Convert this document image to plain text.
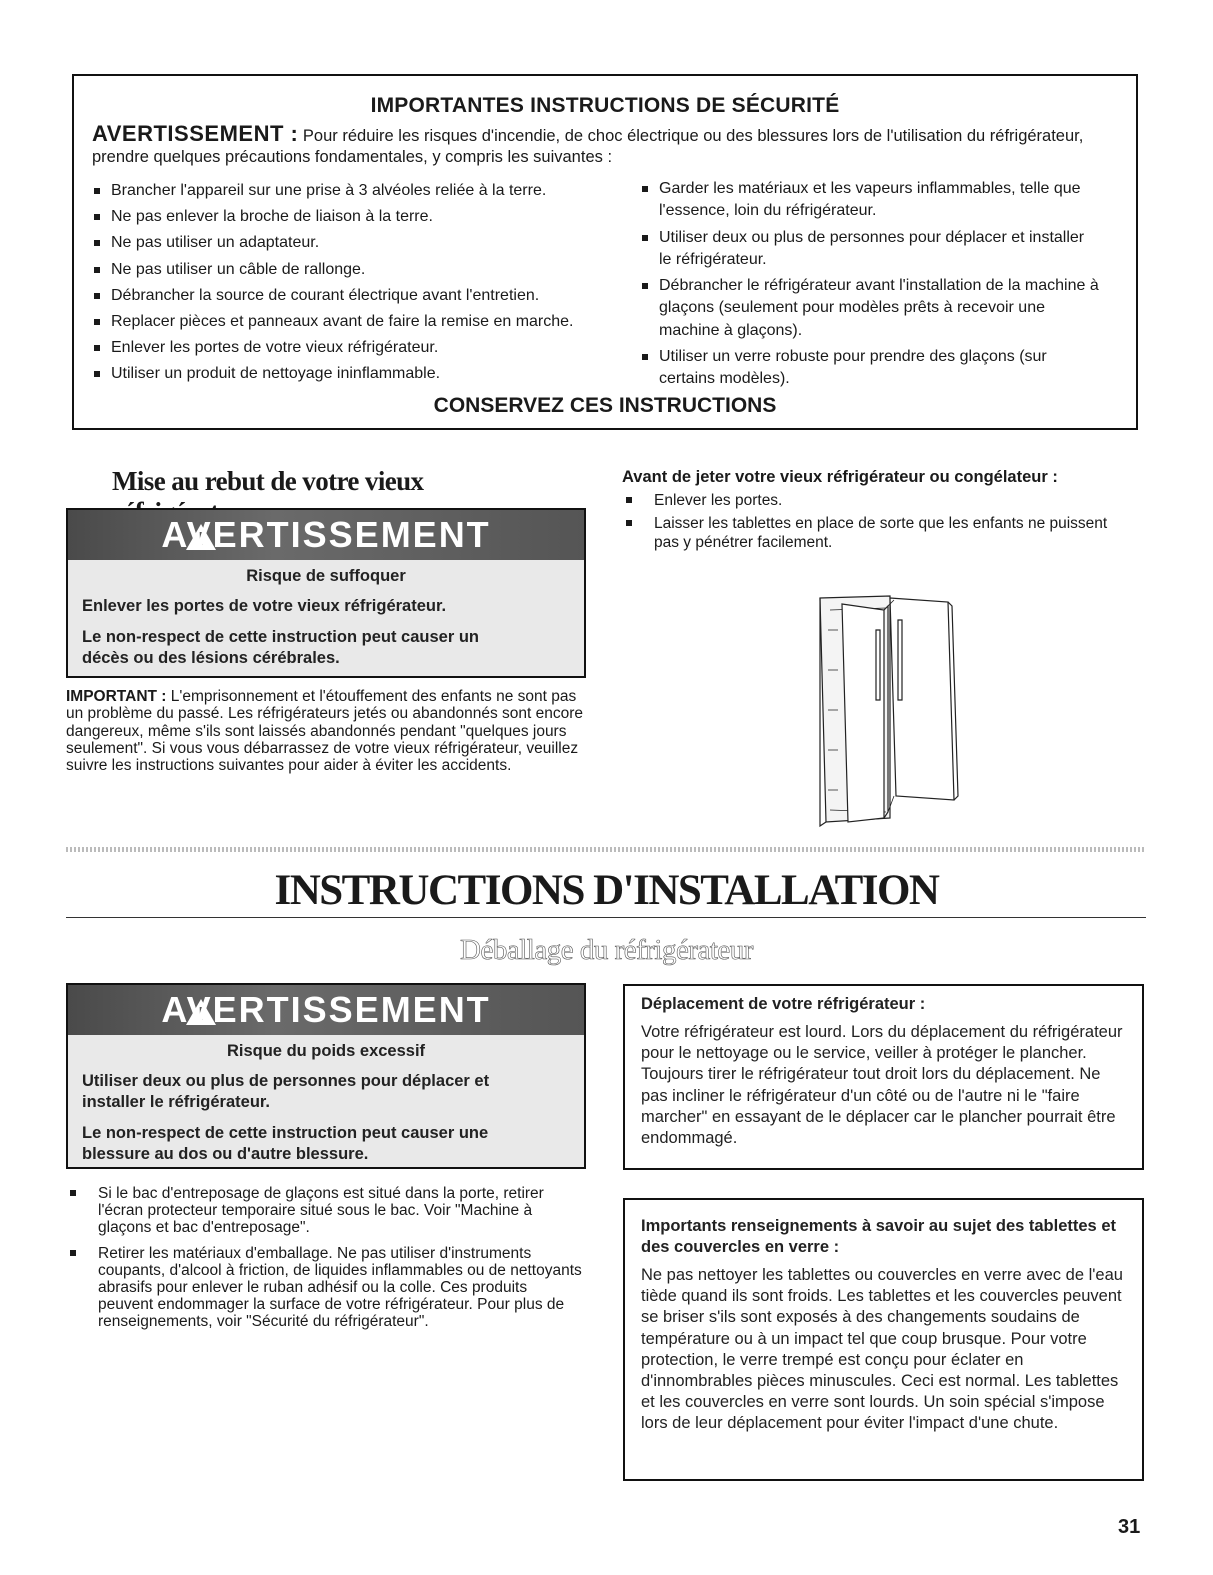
IMPORTANTES INSTRUCTIONS DE SÉCURITÉ
AVERTISSEMENT : Pour réduire les risques d'incendie, de choc électrique ou des blessures lors de l'utilisation du réfrigérateur, prendre quelques précautions fondamentales, y compris les suivantes :
Brancher l'appareil sur une prise à 3 alvéoles reliée à la terre.
Ne pas enlever la broche de liaison à la terre.
Ne pas utiliser un adaptateur.
Ne pas utiliser un câble de rallonge.
Débrancher la source de courant électrique avant l'entretien.
Replacer pièces et panneaux avant de faire la remise en marche.
Enlever les portes de votre vieux réfrigérateur.
Utiliser un produit de nettoyage ininflammable.
Garder les matériaux et les vapeurs inflammables, telle que l'essence, loin du réfrigérateur.
Utiliser deux ou plus de personnes pour déplacer et installer le réfrigérateur.
Débrancher le réfrigérateur avant l'installation de la machine à glaçons (seulement pour modèles prêts à recevoir une machine à glaçons).
Utiliser un verre robuste pour prendre des glaçons (sur certains modèles).
CONSERVEZ CES INSTRUCTIONS
Mise au rebut de votre vieux
!
AVERTISSEMENT
Risque de suffoquer
Enlever les portes de votre vieux réfrigérateur.
Le non-respect de cette instruction peut causer un décès ou des lésions cérébrales.
IMPORTANT : L'emprisonnement et l'étouffement des enfants ne sont pas un problème du passé. Les réfrigérateurs jetés ou abandonnés sont encore dangereux, même s'ils sont laissés abandonnés pendant "quelques jours seulement". Si vous vous débarrassez de votre vieux réfrigérateur, veuillez suivre les instructions suivantes pour aider à éviter les accidents.
Avant de jeter votre vieux réfrigérateur ou congélateur :
Enlever les portes.
Laisser les tablettes en place de sorte que les enfants ne puissent pas y pénétrer facilement.
INSTRUCTIONS D'INSTALLATION
Déballage du réfrigérateur
!
AVERTISSEMENT
Risque du poids excessif
Utiliser deux ou plus de personnes pour déplacer et installer le réfrigérateur.
Le non-respect de cette instruction peut causer une blessure au dos ou d'autre blessure.
Si le bac d'entreposage de glaçons est situé dans la porte, retirer l'écran protecteur temporaire situé sous le bac. Voir "Machine à glaçons et bac d'entreposage".
Retirer les matériaux d'emballage. Ne pas utiliser d'instruments coupants, d'alcool à friction, de liquides inflammables ou de nettoyants abrasifs pour enlever le ruban adhésif ou la colle. Ces produits peuvent endommager la surface de votre réfrigérateur. Pour plus de renseignements, voir "Sécurité du réfrigérateur".
Déplacement de votre réfrigérateur :
Votre réfrigérateur est lourd. Lors du déplacement du réfrigérateur pour le nettoyage ou le service, veiller à protéger le plancher. Toujours tirer le réfrigérateur tout droit lors du déplacement. Ne pas incliner le réfrigérateur d'un côté ou de l'autre ni le "faire marcher" en essayant de le déplacer car le plancher pourrait être endommagé.
Importants renseignements à savoir au sujet des tablettes et des couvercles en verre :
Ne pas nettoyer les tablettes ou couvercles en verre avec de l'eau tiède quand ils sont froids. Les tablettes et les couvercles peuvent se briser s'ils sont exposés à des changements soudains de température ou à un impact tel que coup brusque. Pour votre protection, le verre trempé est conçu pour éclater en d'innombrables pièces minuscules. Ceci est normal. Les tablettes et les couvercles en verre sont lourds. Un soin spécial s'impose lors de leur déplacement pour éviter l'impact d'une chute.
31
